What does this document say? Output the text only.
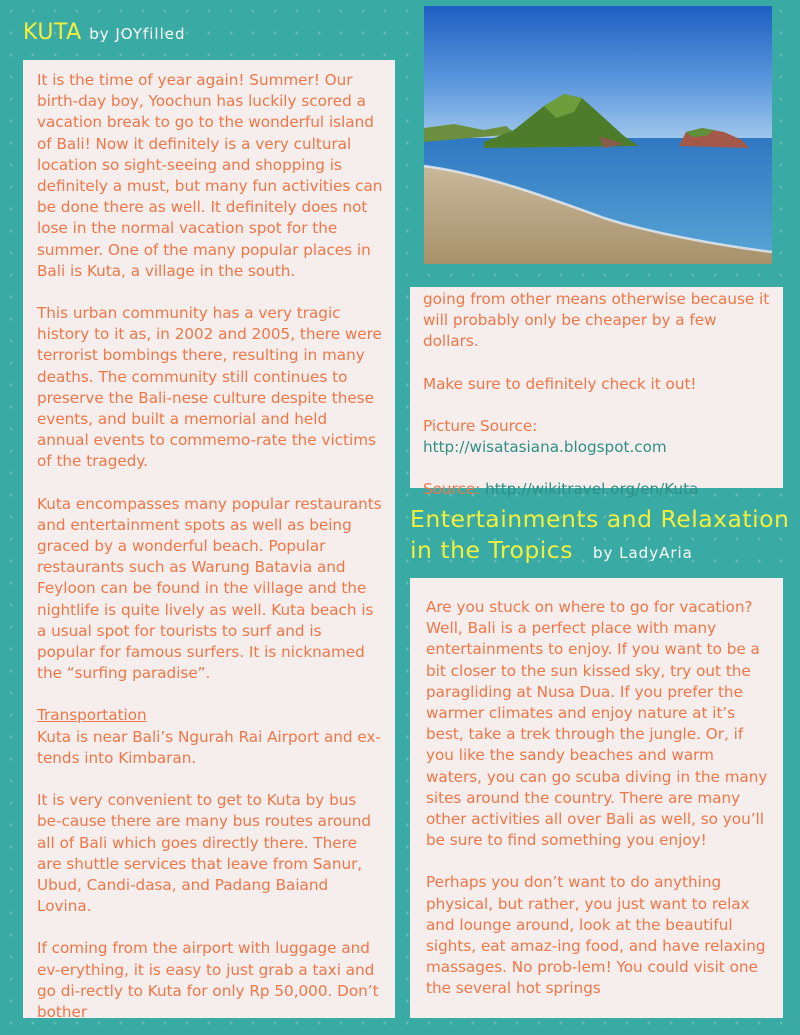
KUTA by JOYfilled

It is the time of year again! Summer! Our birth-day boy, Yoochun has luckily scored a vacation break to go to the wonderful island of Bali! Now it definitely is a very cultural location so sight-seeing and shopping is definitely a must, but many fun activities can be done there as well. It definitely does not lose in the normal vacation spot for the summer. One of the many popular places in Bali is Kuta, a village in the south.

This urban community has a very tragic history to it as, in 2002 and 2005, there were terrorist bombings there, resulting in many deaths. The community still continues to preserve the Bali-nese culture despite these events, and built a memorial and held annual events to commemo-rate the victims of the tragedy.

Kuta encompasses many popular restaurants and entertainment spots as well as being graced by a wonderful beach. Popular restaurants such as Warung Batavia and Feyloon can be found in the village and the nightlife is quite lively as well. Kuta beach is a usual spot for tourists to surf and is popular for famous surfers. It is nicknamed the “surfing paradise”.

Transportation
Kuta is near Bali’s Ngurah Rai Airport and ex-tends into Kimbaran.

It is very convenient to get to Kuta by bus be-cause there are many bus routes around all of Bali which goes directly there. There are shuttle services that leave from Sanur, Ubud, Candi-dasa, and Padang Baiand Lovina.

If coming from the airport with luggage and ev-erything, it is easy to just grab a taxi and go di-rectly to Kuta for only Rp 50,000. Don’t bother

going from other means otherwise because it will probably only be cheaper by a few dollars.

Make sure to definitely check it out!

Picture Source: http://wisatasiana.blogspot.com

Source: http://wikitravel.org/en/Kuta

Entertainments and Relaxation
in the Tropics by LadyAria

Are you stuck on where to go for vacation? Well, Bali is a perfect place with many entertainments to enjoy. If you want to be a bit closer to the sun kissed sky, try out the paragliding at Nusa Dua. If you prefer the warmer climates and enjoy nature at it’s best, take a trek through the jungle. Or, if you like the sandy beaches and warm waters, you can go scuba diving in the many sites around the country. There are many other activities all over Bali as well, so you’ll be sure to find something you enjoy!

Perhaps you don’t want to do anything physical, but rather, you just want to relax and lounge around, look at the beautiful sights, eat amaz-ing food, and have relaxing massages. No prob-lem! You could visit one the several hot springs
